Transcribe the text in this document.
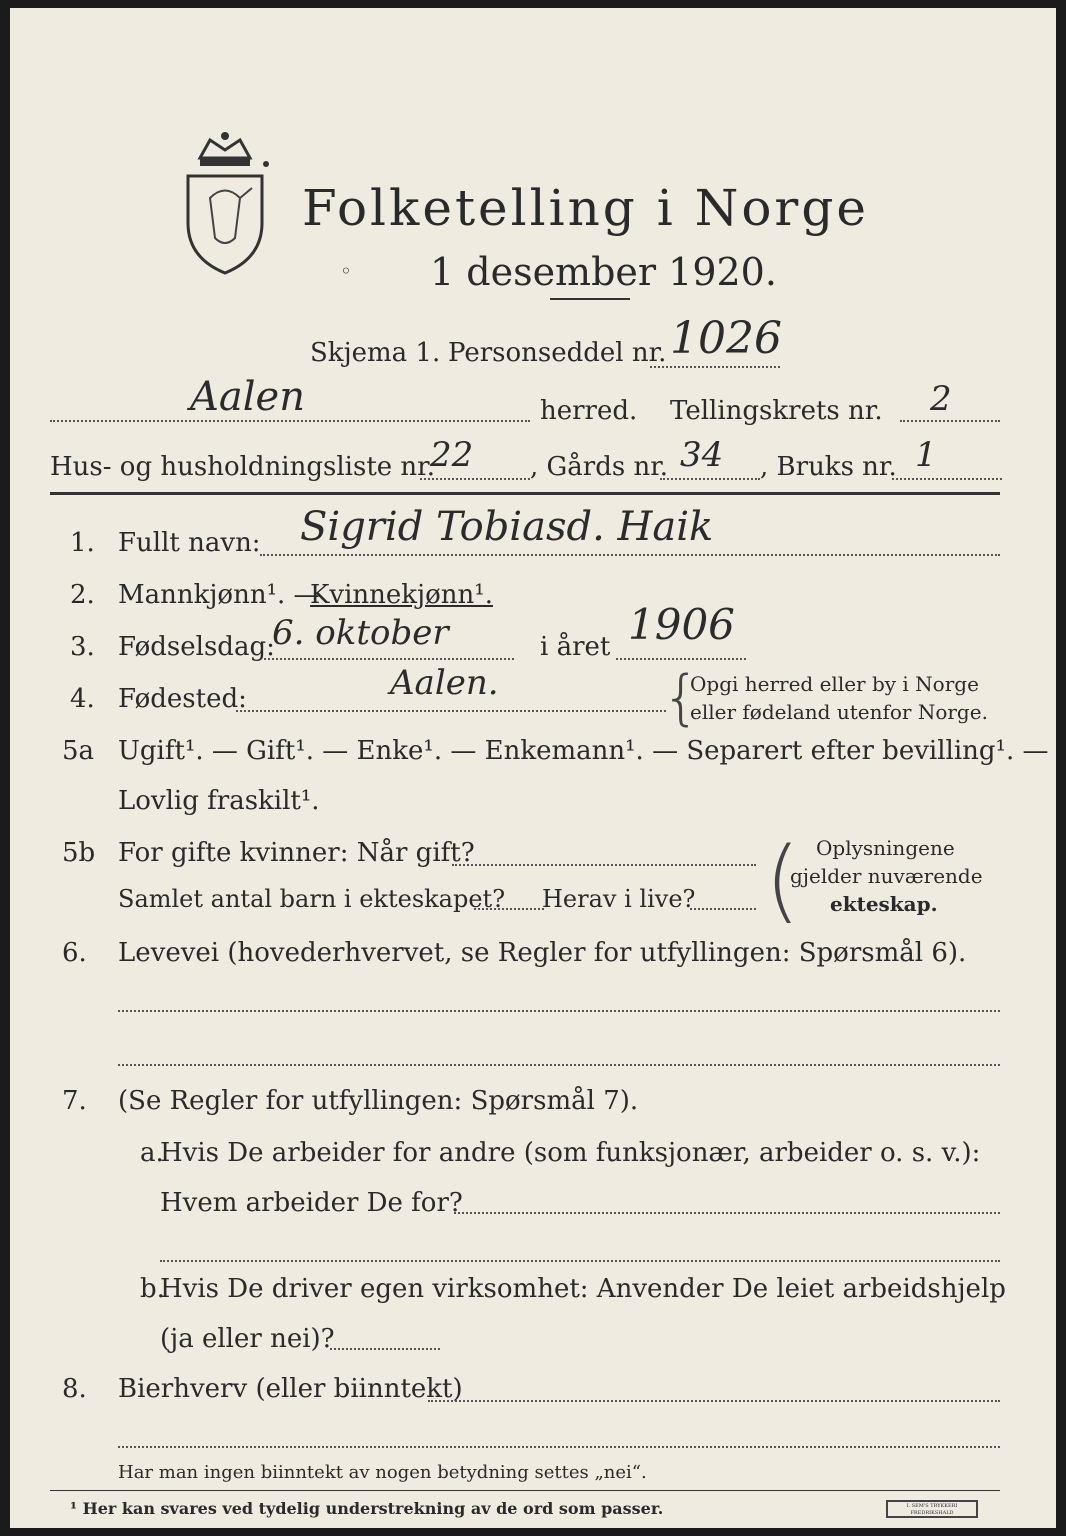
Folketelling i Norge
◦ 1 desember 1920.
Skjema 1. Personseddel nr. 1026
Aalen	herred. Tellingskrets nr. 2
Hus- og husholdningsliste nr.
22 , Gårds nr. 34 , Bruks nr. 1
1. Fullt navn: Sigrid Tobiasd. Haik
2. Mannkjønn¹. —
Kvinnekjønn¹.
3. Fødselsdag:
6. oktober	i året 1906
4. Fødested:	Aalen.	{
Opgi herred eller by i Norge
eller fødeland utenfor Norge.
5a Ugift¹. — Gift¹. — Enke¹. — Enkemann¹. — Separert efter bevilling¹. —
Lovlig fraskilt¹.
5b For gifte kvinner: Når gift?
Samlet antal barn i ekteskapet? Herav i live? ( Oplysningene
gjelder nuværende
ekteskap.
6. Levevei (hovederhvervet, se Regler for utfyllingen: Spørsmål 6).
7. (Se Regler for utfyllingen: Spørsmål 7).
a.
Hvis De arbeider for andre (som funksjonær, arbeider o. s. v.):
Hvem arbeider De for?
b.
Hvis De driver egen virksomhet: Anvender De leiet arbeidshjelp
(ja eller nei)?
8. Bierhverv (eller biinntekt)
Har man ingen biinntekt av nogen betydning settes „nei“.
¹ Her kan svares ved tydelig understrekning av de ord som passer.	I. SEM'S TRYKKERI FREDRIKSHALD
